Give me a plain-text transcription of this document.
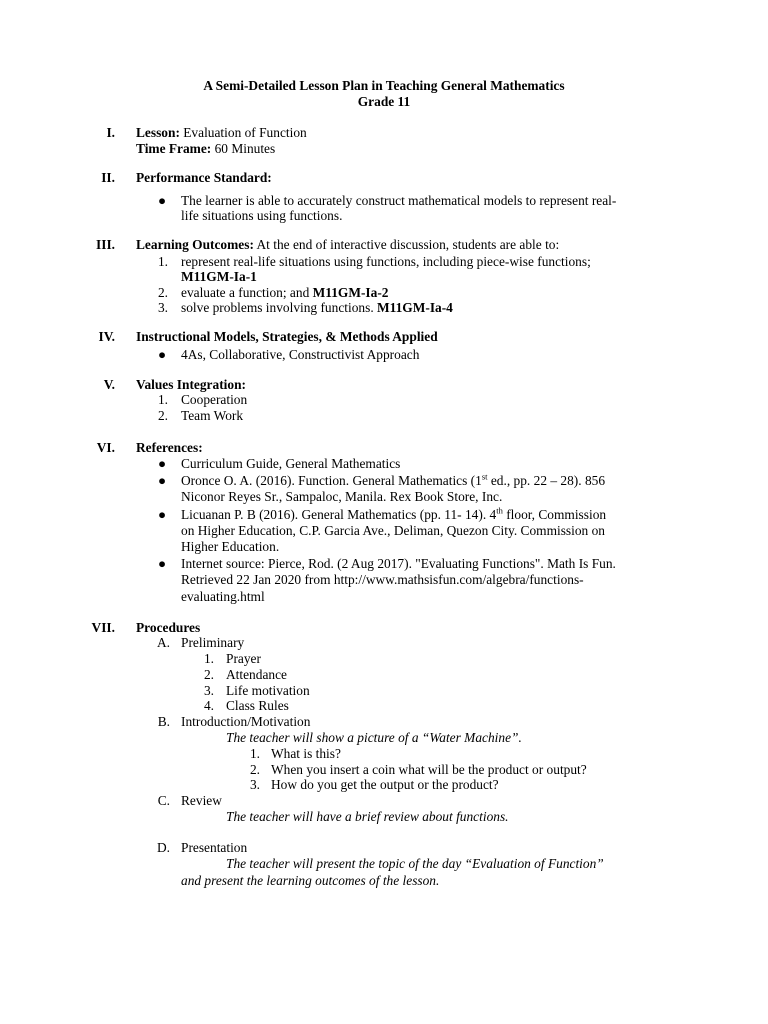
A Semi-Detailed Lesson Plan in Teaching General Mathematics
Grade 11
I. Lesson: Evaluation of Function
Time Frame: 60 Minutes
II. Performance Standard:
● The learner is able to accurately construct mathematical models to represent real-
life situations using functions.
III. Learning Outcomes: At the end of interactive discussion, students are able to:
1. represent real-life situations using functions, including piece-wise functions;
M11GM-Ia-1
2. evaluate a function; and M11GM-Ia-2
3. solve problems involving functions. M11GM-Ia-4
IV. Instructional Models, Strategies, & Methods Applied
● 4As, Collaborative, Constructivist Approach
V. Values Integration:
1. Cooperation
2. Team Work
VI. References:
● Curriculum Guide, General Mathematics
● Oronce O. A. (2016). Function. General Mathematics (1st ed., pp. 22 – 28). 856
Niconor Reyes Sr., Sampaloc, Manila. Rex Book Store, Inc.
● Licuanan P. B (2016). General Mathematics (pp. 11- 14). 4th floor, Commission
on Higher Education, C.P. Garcia Ave., Deliman, Quezon City. Commission on
Higher Education.
● Internet source: Pierce, Rod. (2 Aug 2017). "Evaluating Functions". Math Is Fun.
Retrieved 22 Jan 2020 from http://www.mathsisfun.com/algebra/functions-
evaluating.html
VII. Procedures
A. Preliminary
1. Prayer
2. Attendance
3. Life motivation
4. Class Rules
B. Introduction/Motivation
The teacher will show a picture of a “Water Machine”.
1. What is this?
2. When you insert a coin what will be the product or output?
3. How do you get the output or the product?
C. Review
The teacher will have a brief review about functions.
D. Presentation
The teacher will present the topic of the day “Evaluation of Function”
and present the learning outcomes of the lesson.
